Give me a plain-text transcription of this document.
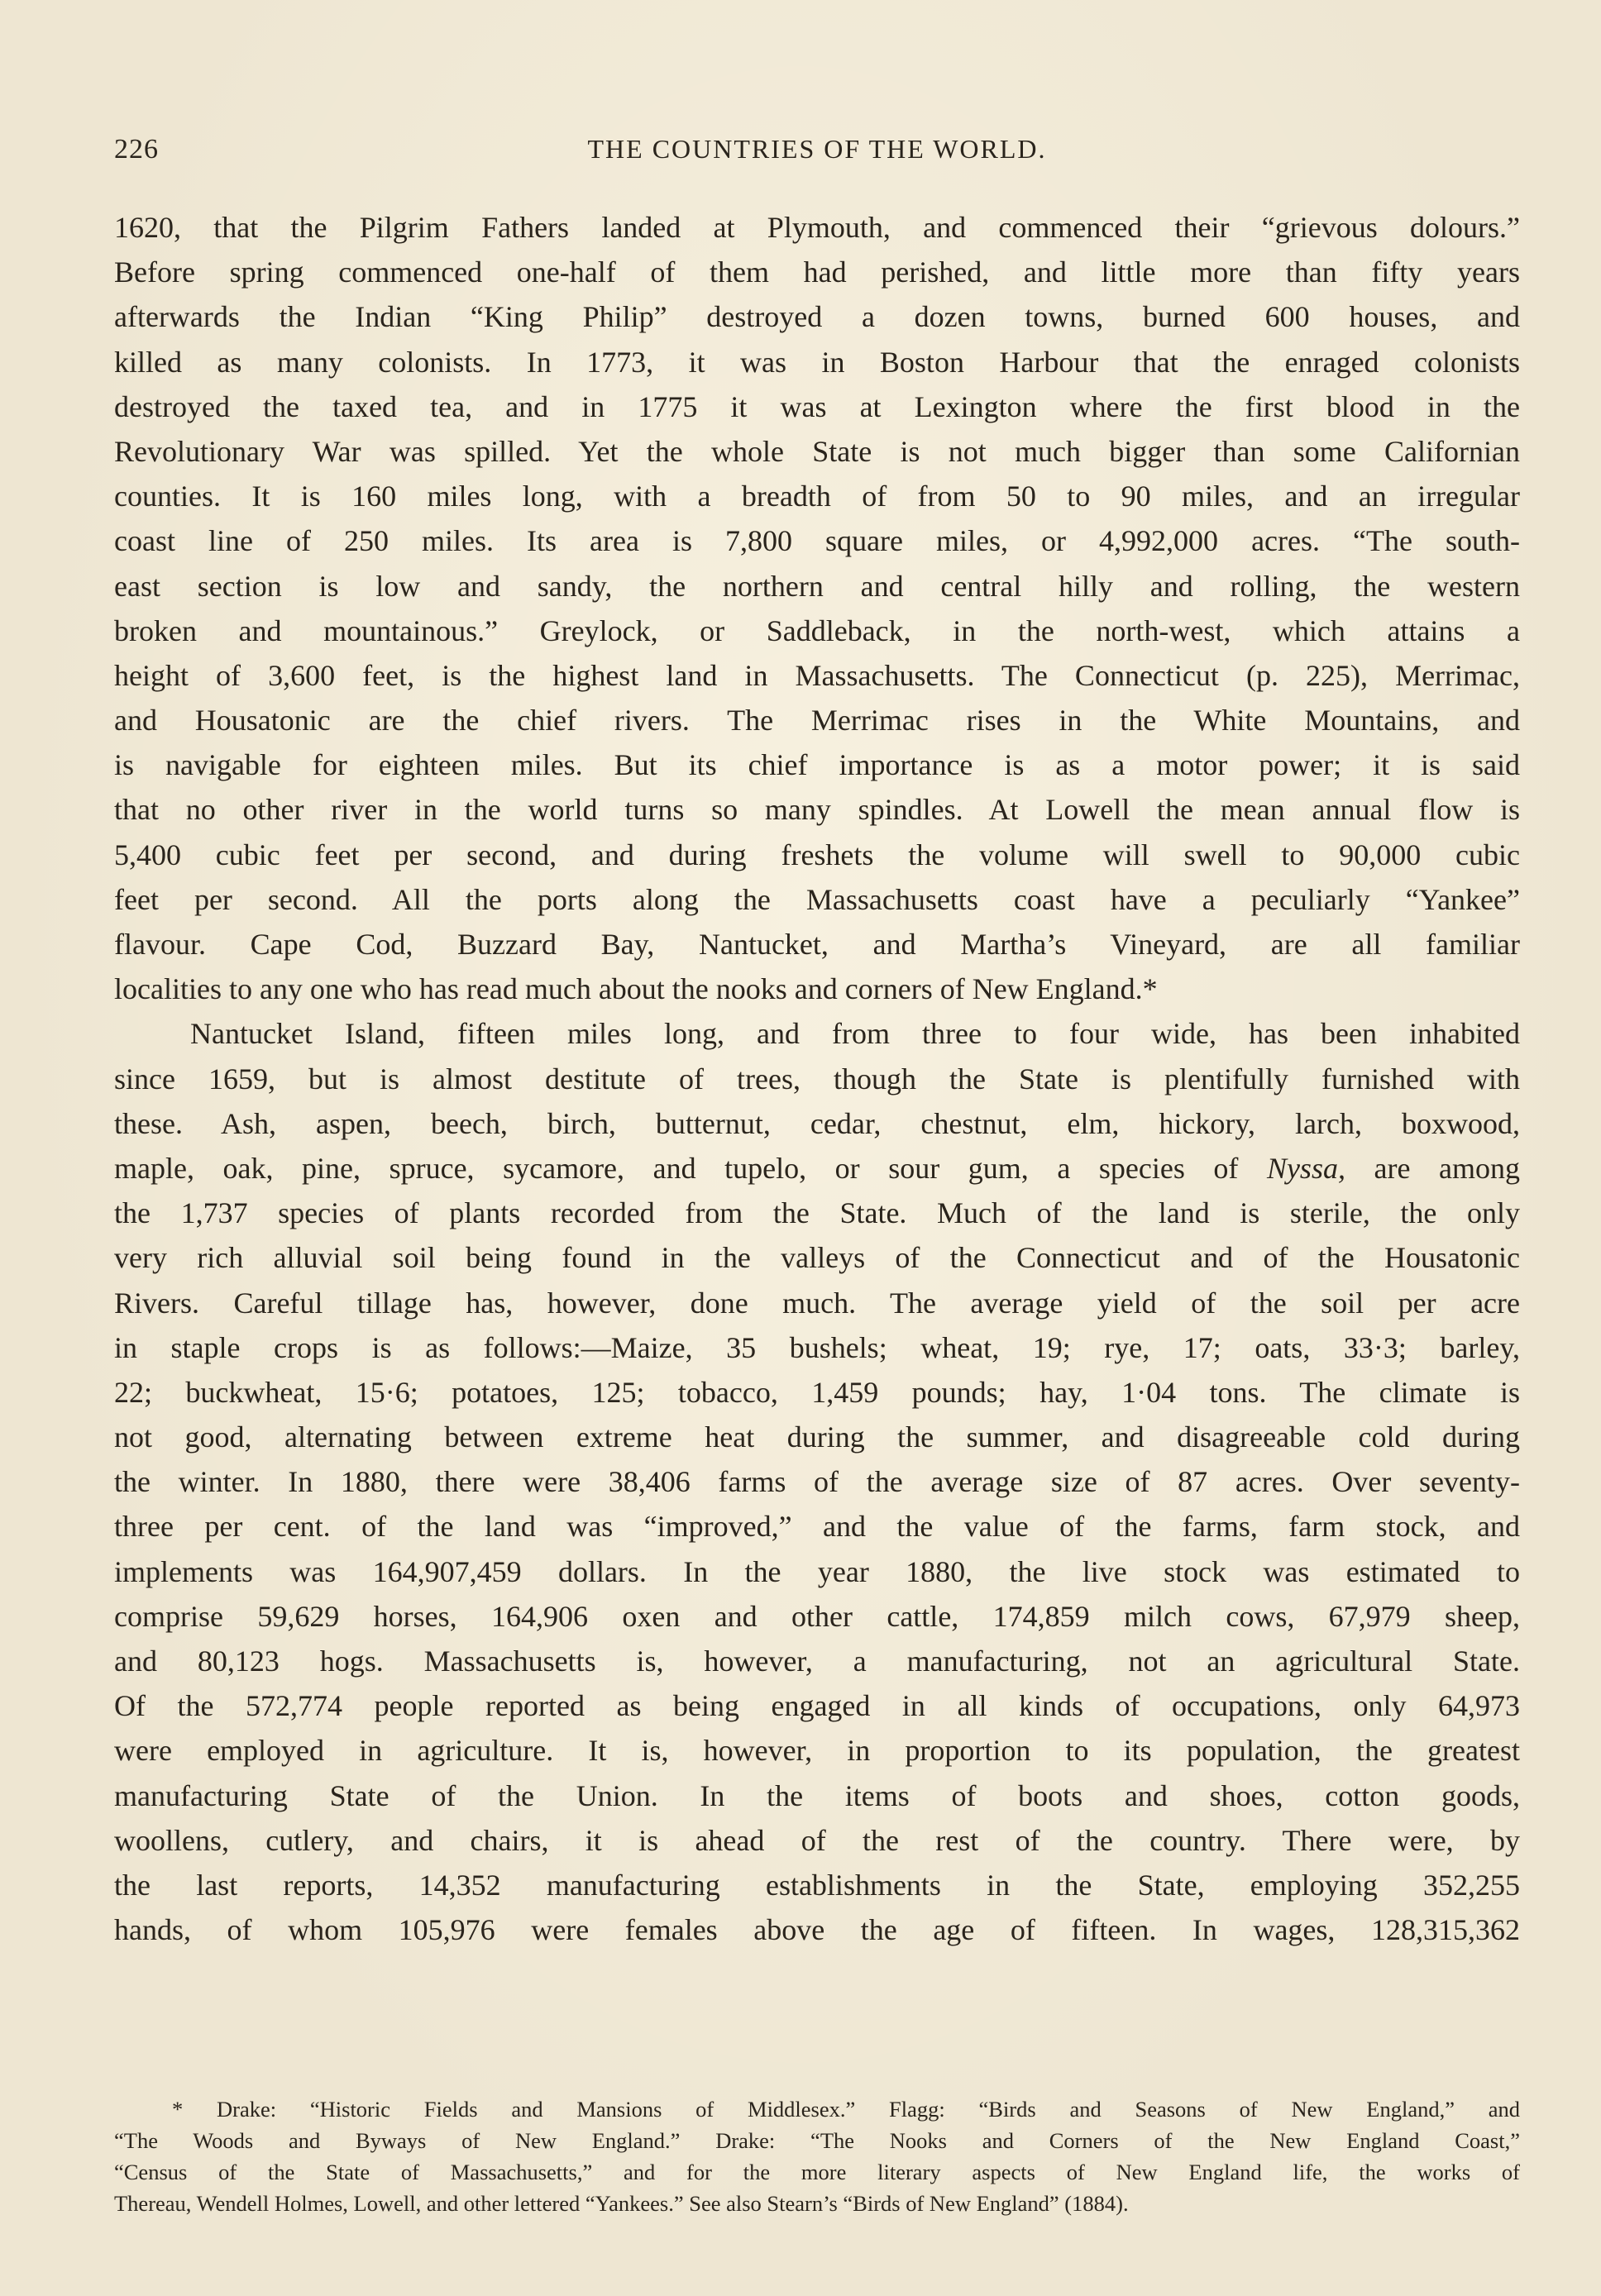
226	THE COUNTRIES OF THE WORLD.
1620, that the Pilgrim Fathers landed at Plymouth, and commenced their “grievous dolours.”
Before spring commenced one-half of them had perished, and little more than fifty years
afterwards the Indian “King Philip” destroyed a dozen towns, burned 600 houses, and
killed as many colonists. In 1773, it was in Boston Harbour that the enraged colonists
destroyed the taxed tea, and in 1775 it was at Lexington where the first blood in the
Revolutionary War was spilled. Yet the whole State is not much bigger than some Californian
counties. It is 160 miles long, with a breadth of from 50 to 90 miles, and an irregular
coast line of 250 miles. Its area is 7,800 square miles, or 4,992,000 acres. “The south-
east section is low and sandy, the northern and central hilly and rolling, the western
broken and mountainous.” Greylock, or Saddleback, in the north-west, which attains a
height of 3,600 feet, is the highest land in Massachusetts. The Connecticut (p. 225), Merrimac,
and Housatonic are the chief rivers. The Merrimac rises in the White Mountains, and
is navigable for eighteen miles. But its chief importance is as a motor power; it is said
that no other river in the world turns so many spindles. At Lowell the mean annual flow is
5,400 cubic feet per second, and during freshets the volume will swell to 90,000 cubic
feet per second. All the ports along the Massachusetts coast have a peculiarly “Yankee”
flavour. Cape Cod, Buzzard Bay, Nantucket, and Martha’s Vineyard, are all familiar
localities to any one who has read much about the nooks and corners of New England.*
Nantucket Island, fifteen miles long, and from three to four wide, has been inhabited
since 1659, but is almost destitute of trees, though the State is plentifully furnished with
these. Ash, aspen, beech, birch, butternut, cedar, chestnut, elm, hickory, larch, boxwood,
maple, oak, pine, spruce, sycamore, and tupelo, or sour gum, a species of Nyssa, are among
the 1,737 species of plants recorded from the State. Much of the land is sterile, the only
very rich alluvial soil being found in the valleys of the Connecticut and of the Housatonic
Rivers. Careful tillage has, however, done much. The average yield of the soil per acre
in staple crops is as follows:—Maize, 35 bushels; wheat, 19; rye, 17; oats, 33·3; barley,
22; buckwheat, 15·6; potatoes, 125; tobacco, 1,459 pounds; hay, 1·04 tons. The climate is
not good, alternating between extreme heat during the summer, and disagreeable cold during
the winter. In 1880, there were 38,406 farms of the average size of 87 acres. Over seventy-
three per cent. of the land was “improved,” and the value of the farms, farm stock, and
implements was 164,907,459 dollars. In the year 1880, the live stock was estimated to
comprise 59,629 horses, 164,906 oxen and other cattle, 174,859 milch cows, 67,979 sheep,
and 80,123 hogs. Massachusetts is, however, a manufacturing, not an agricultural State.
Of the 572,774 people reported as being engaged in all kinds of occupations, only 64,973
were employed in agriculture. It is, however, in proportion to its population, the greatest
manufacturing State of the Union. In the items of boots and shoes, cotton goods,
woollens, cutlery, and chairs, it is ahead of the rest of the country. There were, by
the last reports, 14,352 manufacturing establishments in the State, employing 352,255
hands, of whom 105,976 were females above the age of fifteen. In wages, 128,315,362
* Drake: “Historic Fields and Mansions of Middlesex.” Flagg: “Birds and Seasons of New England,” and
“The Woods and Byways of New England.” Drake: “The Nooks and Corners of the New England Coast,”
“Census of the State of Massachusetts,” and for the more literary aspects of New England life, the works of
Thereau, Wendell Holmes, Lowell, and other lettered “Yankees.” See also Stearn’s “Birds of New England” (1884).
